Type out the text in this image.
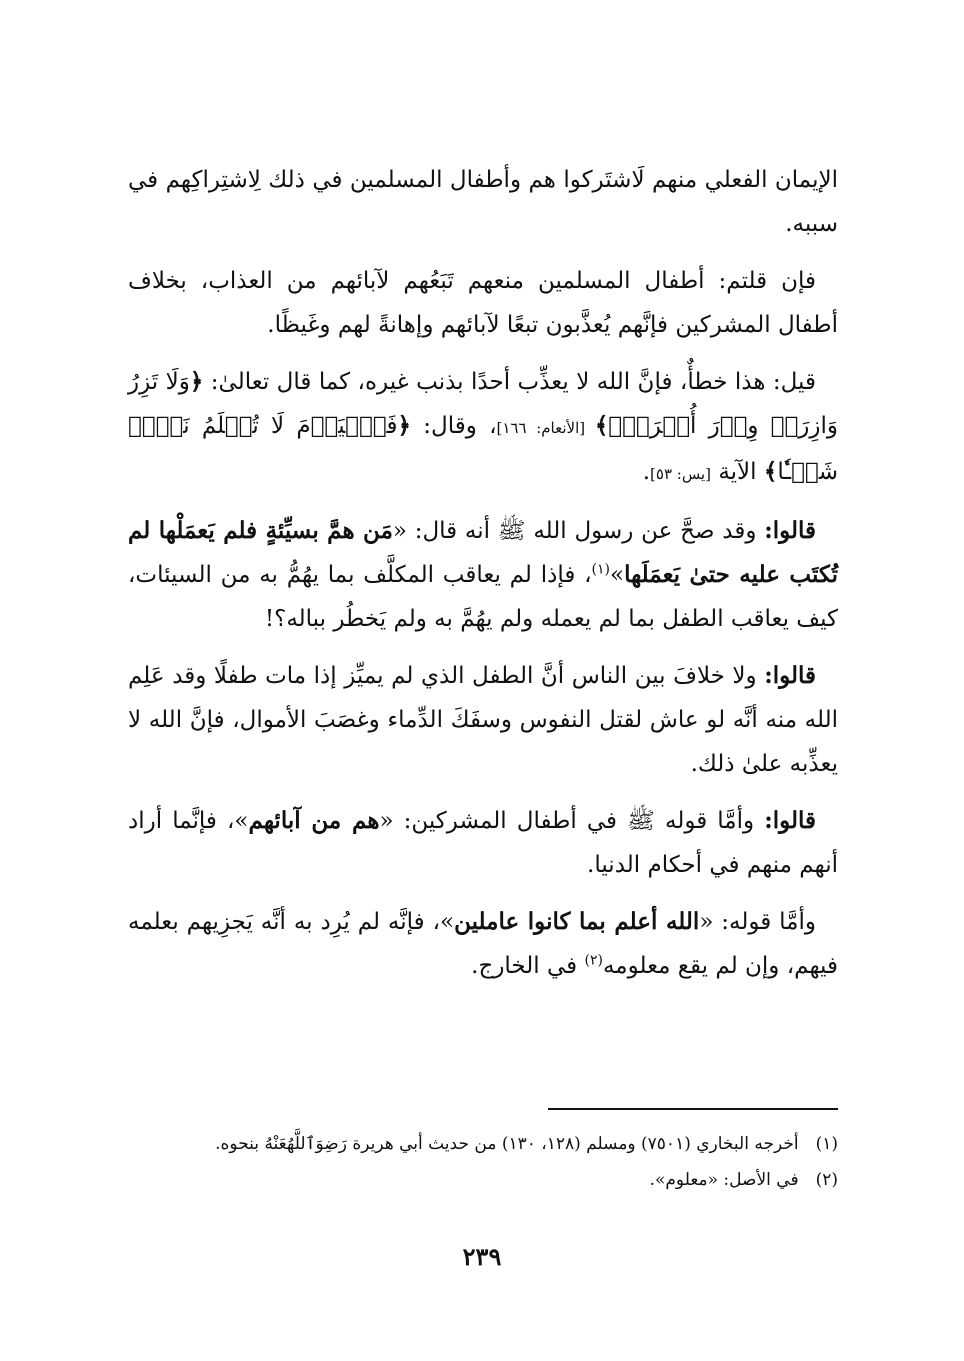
الإيمان الفعلي منهم لَاشتَركوا هم وأطفال المسلمين في ذلك لِاشتِراكِهم في سببه.

فإن قلتم: أطفال المسلمين منعهم تَبَعُهم لآبائهم من العذاب، بخلاف أطفال المشركين فإنَّهم يُعذَّبون تبعًا لآبائهم وإهانةً لهم وغَيظًا.

قيل: هذا خطأٌ، فإنَّ الله لا يعذِّب أحدًا بذنب غيره، كما قال تعالىٰ: ﴿وَلَا تَزِرُ وَازِرَةٞ وِزۡرَ أُخۡرَىٰۚ﴾ [الأنعام: ١٦٦]، وقال: ﴿فَٱلۡيَوۡمَ لَا تُظۡلَمُ نَفۡسٞ شَيۡـٔٗا﴾ الآية [يس: ٥٣].

قالوا: وقد صحَّ عن رسول الله ﷺ أنه قال: «مَن همَّ بسيِّئةٍ فلم يَعمَلْها لم تُكتَب عليه حتىٰ يَعمَلَها»$^{(١)}$، فإذا لم يعاقب المكلَّف بما يهُمُّ به من السيئات، كيف يعاقب الطفل بما لم يعمله ولم يهُمَّ به ولم يَخطُر بباله؟!

قالوا: ولا خلافَ بين الناس أنَّ الطفل الذي لم يميِّز إذا مات طفلًا وقد عَلِم الله منه أنَّه لو عاش لقتل النفوس وسفَكَ الدِّماء وغصَبَ الأموال، فإنَّ الله لا يعذِّبه علىٰ ذلك.

قالوا: وأمَّا قوله ﷺ في أطفال المشركين: «هم من آبائهم»، فإنَّما أراد أنهم منهم في أحكام الدنيا.

وأمَّا قوله: «الله أعلم بما كانوا عاملين»، فإنَّه لم يُرِد به أنَّه يَجزِيهم بعلمه فيهم، وإن لم يقع معلومه$^{(٢)}$ في الخارج.

(١) أخرجه البخاري (٧٥٠١) ومسلم (١٢٨، ١٣٠) من حديث أبي هريرة رَضِوَٱللَّهُعَنْهُ بنحوه.

(٢) في الأصل: «معلوم».

٢٣٩
